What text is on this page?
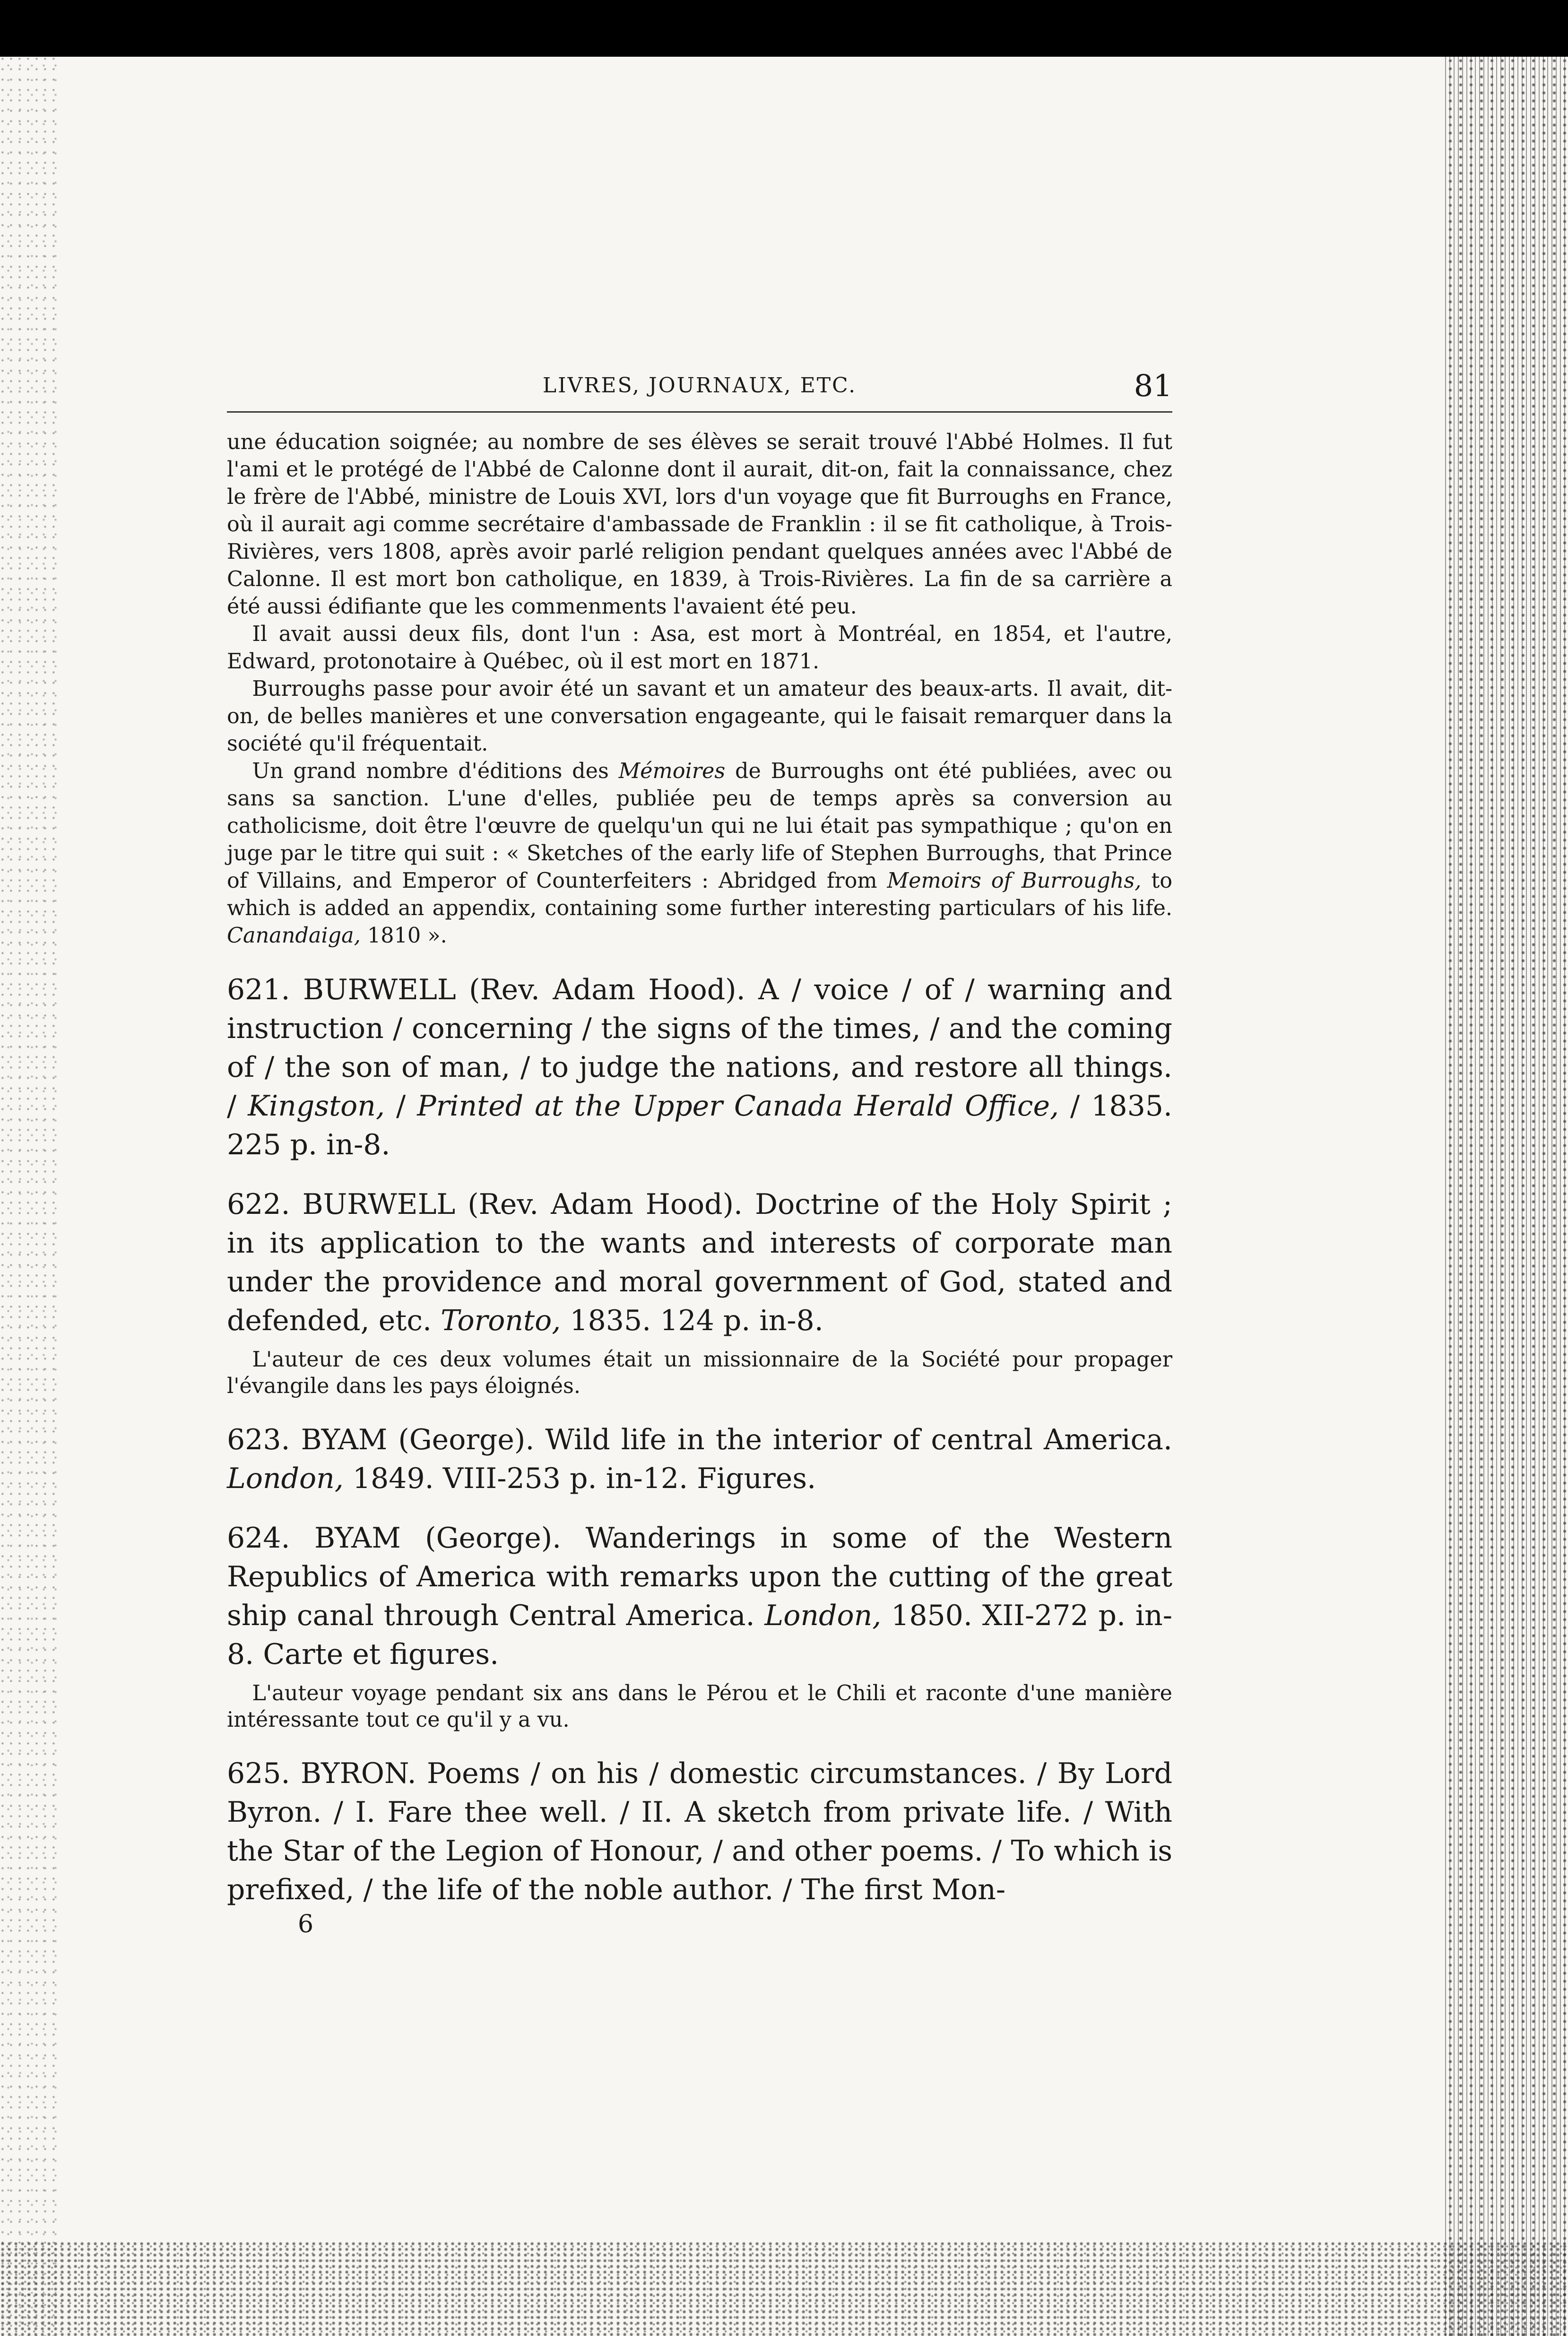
LIVRES, JOURNAUX, ETC.	81

une éducation soignée; au nombre de ses élèves se serait trouvé l'Abbé Holmes. Il fut l'ami et le protégé de l'Abbé de Calonne dont il aurait, dit-on, fait la connaissance, chez le frère de l'Abbé, ministre de Louis XVI, lors d'un voyage que fit Burroughs en France, où il aurait agi comme secrétaire d'ambassade de Franklin : il se fit catholique, à Trois-Rivières, vers 1808, après avoir parlé religion pendant quelques années avec l'Abbé de Calonne. Il est mort bon catholique, en 1839, à Trois-Rivières. La fin de sa carrière a été aussi édifiante que les commenments l'avaient été peu.

Il avait aussi deux fils, dont l'un : Asa, est mort à Montréal, en 1854, et l'autre, Edward, protonotaire à Québec, où il est mort en 1871.

Burroughs passe pour avoir été un savant et un amateur des beaux-arts. Il avait, dit-on, de belles manières et une conversation engageante, qui le faisait remarquer dans la société qu'il fréquentait.

Un grand nombre d'éditions des Mémoires de Burroughs ont été publiées, avec ou sans sa sanction. L'une d'elles, publiée peu de temps après sa conversion au catholicisme, doit être l'œuvre de quelqu'un qui ne lui était pas sympathique ; qu'on en juge par le titre qui suit : « Sketches of the early life of Stephen Burroughs, that Prince of Villains, and Emperor of Counterfeiters : Abridged from Memoirs of Burroughs, to which is added an appendix, containing some further interesting particulars of his life. Canandaiga, 1810 ».

621. BURWELL (Rev. Adam Hood). A / voice / of / warning and instruction / concerning / the signs of the times, / and the coming of / the son of man, / to judge the nations, and restore all things. / Kingston, / Printed at the Upper Canada Herald Office, / 1835. 225 p. in-8.

622. BURWELL (Rev. Adam Hood). Doctrine of the Holy Spirit ; in its application to the wants and interests of corporate man under the providence and moral government of God, stated and defended, etc. Toronto, 1835. 124 p. in-8.

L'auteur de ces deux volumes était un missionnaire de la Société pour propager l'évangile dans les pays éloignés.

623. BYAM (George). Wild life in the interior of central America. London, 1849. VIII-253 p. in-12. Figures.

624. BYAM (George). Wanderings in some of the Western Republics of America with remarks upon the cutting of the great ship canal through Central America. London, 1850. XII-272 p. in-8. Carte et figures.

L'auteur voyage pendant six ans dans le Pérou et le Chili et raconte d'une manière intéressante tout ce qu'il y a vu.

625. BYRON. Poems / on his / domestic circumstances. / By Lord Byron. / I. Fare thee well. / II. A sketch from private life. / With the Star of the Legion of Honour, / and other poems. / To which is prefixed, / the life of the noble author. / The first Mon-

6
